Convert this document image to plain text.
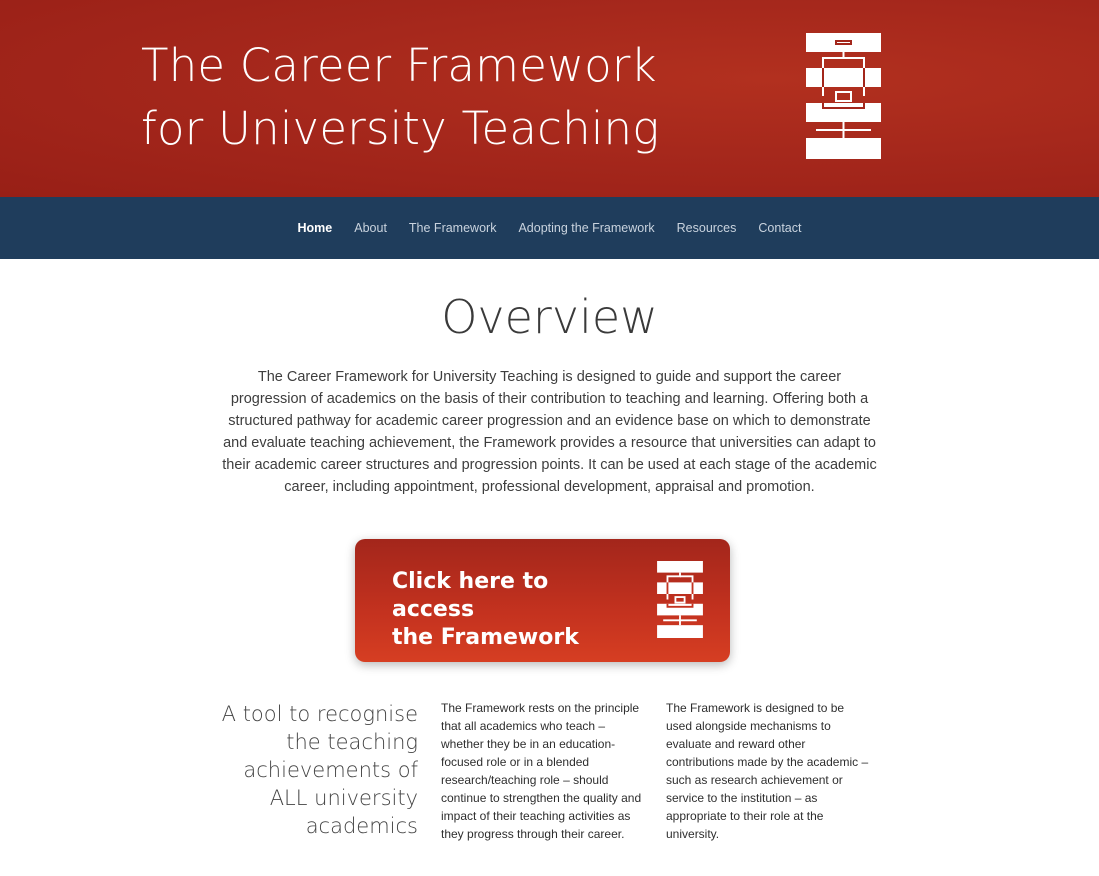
The Career Framework
for University Teaching
Home About The Framework Adopting the Framework Resources Contact
Overview

The Career Framework for University Teaching is designed to guide and support the career progression of academics on the basis of their contribution to teaching and learning. Offering both a structured pathway for academic career progression and an evidence base on which to demonstrate and evaluate teaching achievement, the Framework provides a resource that universities can adapt to their academic career structures and progression points. It can be used at each stage of the academic career, including appointment, professional development, appraisal and promotion.

Click here to access
the Framework
A tool to recognise
the teaching
achievements of
ALL university
academics

The Framework rests on the principle that all academics who teach – whether they be in an education-focused role or in a blended research/teaching role – should continue to strengthen the quality and impact of their teaching activities as they progress through their career.

The Framework is designed to be used alongside mechanisms to evaluate and reward other contributions made by the academic – such as research achievement or service to the institution – as appropriate to their role at the university.
